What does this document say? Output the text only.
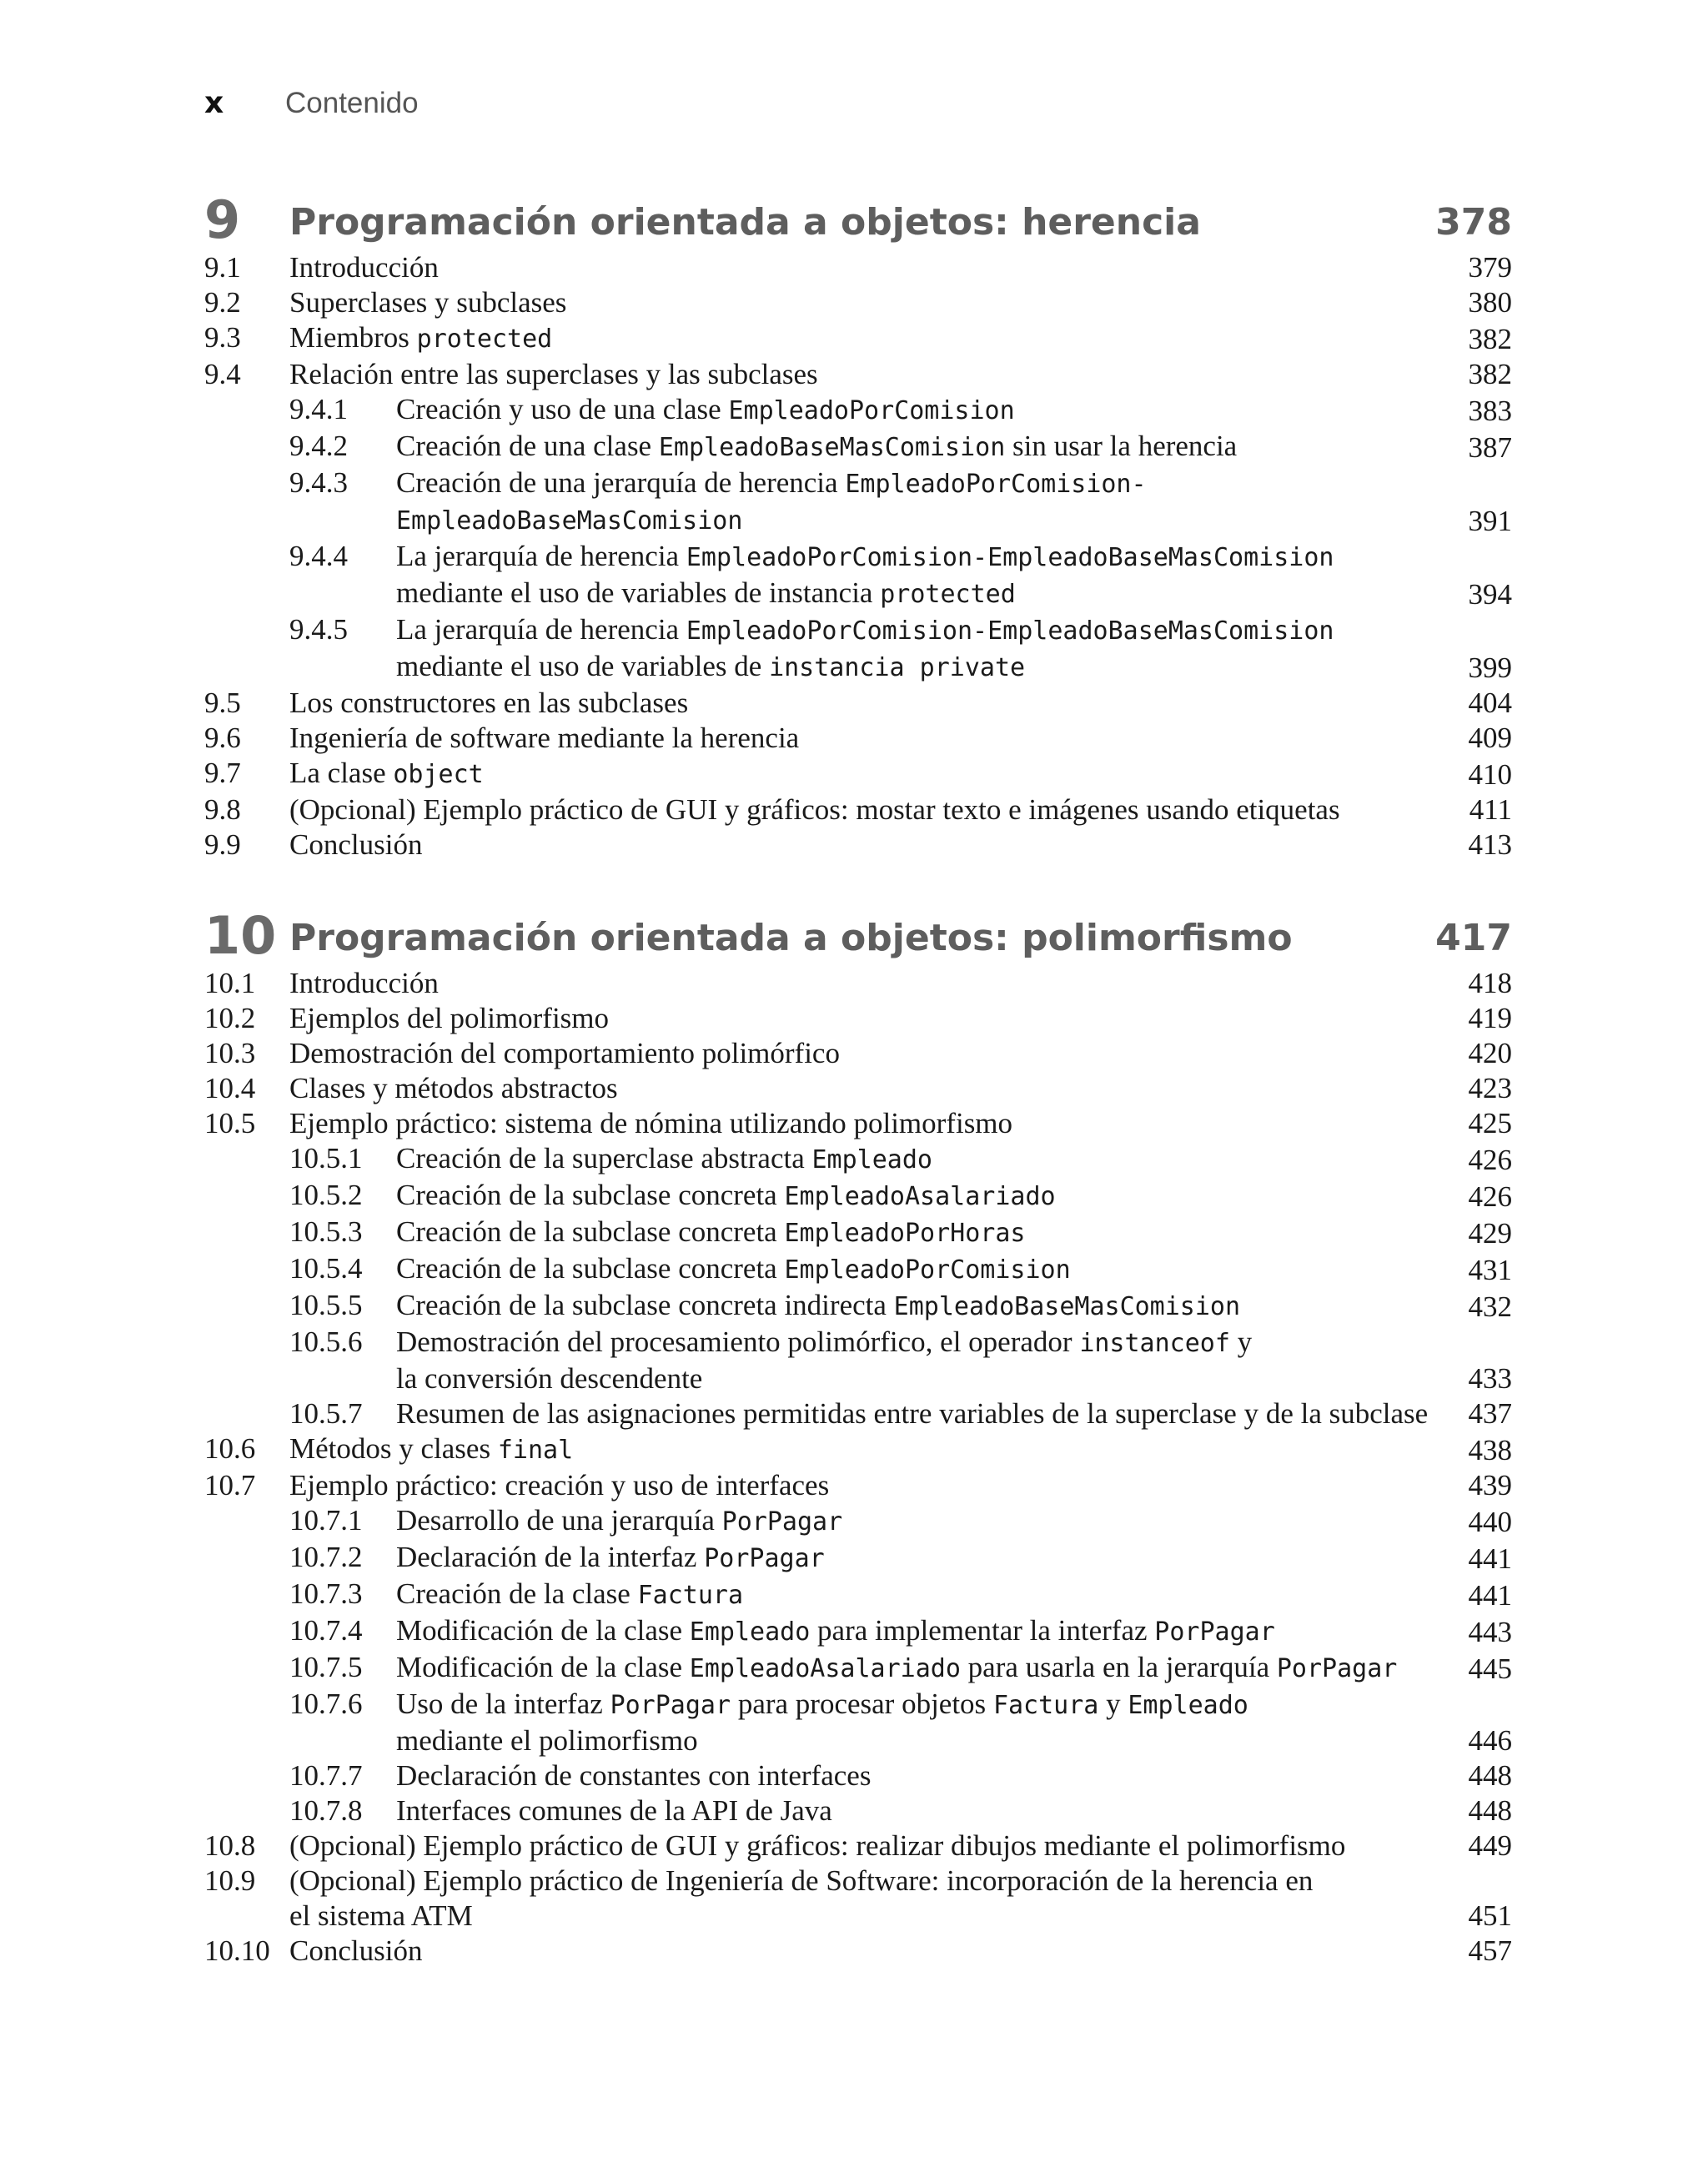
x Contenido
9 Programación orientada a objetos: herencia	378
9.1 Introducción	379
9.2 Superclases y subclases	380
9.3 Miembros protected	382
9.4 Relación entre las superclases y las subclases	382
9.4.1 Creación y uso de una clase EmpleadoPorComision	383
9.4.2 Creación de una clase EmpleadoBaseMasComision sin usar la herencia	387
9.4.3 Creación de una jerarquía de herencia EmpleadoPorComision-
EmpleadoBaseMasComision	391
9.4.4 La jerarquía de herencia EmpleadoPorComision-EmpleadoBaseMasComision
mediante el uso de variables de instancia protected	394
9.4.5 La jerarquía de herencia EmpleadoPorComision-EmpleadoBaseMasComision
mediante el uso de variables de instancia private	399
9.5 Los constructores en las subclases	404
9.6 Ingeniería de software mediante la herencia	409
9.7 La clase object	410
9.8 (Opcional) Ejemplo práctico de GUI y gráficos: mostar texto e imágenes usando etiquetas	411
9.9 Conclusión	413
10 Programación orientada a objetos: polimorfismo	417
10.1 Introducción	418
10.2 Ejemplos del polimorfismo	419
10.3 Demostración del comportamiento polimórfico	420
10.4 Clases y métodos abstractos	423
10.5 Ejemplo práctico: sistema de nómina utilizando polimorfismo	425
10.5.1 Creación de la superclase abstracta Empleado	426
10.5.2 Creación de la subclase concreta EmpleadoAsalariado	426
10.5.3 Creación de la subclase concreta EmpleadoPorHoras	429
10.5.4 Creación de la subclase concreta EmpleadoPorComision	431
10.5.5 Creación de la subclase concreta indirecta EmpleadoBaseMasComision	432
10.5.6 Demostración del procesamiento polimórfico, el operador instanceof y
la conversión descendente	433
10.5.7 Resumen de las asignaciones permitidas entre variables de la superclase y de la subclase 437
10.6 Métodos y clases final	438
10.7 Ejemplo práctico: creación y uso de interfaces	439
10.7.1 Desarrollo de una jerarquía PorPagar	440
10.7.2 Declaración de la interfaz PorPagar	441
10.7.3 Creación de la clase Factura	441
10.7.4 Modificación de la clase Empleado para implementar la interfaz PorPagar	443
10.7.5 Modificación de la clase EmpleadoAsalariado para usarla en la jerarquía PorPagar	445
10.7.6 Uso de la interfaz PorPagar para procesar objetos Factura y Empleado
mediante el polimorfismo	446
10.7.7 Declaración de constantes con interfaces	448
10.7.8 Interfaces comunes de la API de Java	448
10.8 (Opcional) Ejemplo práctico de GUI y gráficos: realizar dibujos mediante el polimorfismo	449
10.9 (Opcional) Ejemplo práctico de Ingeniería de Software: incorporación de la herencia en
el sistema ATM	451
10.10 Conclusión	457
